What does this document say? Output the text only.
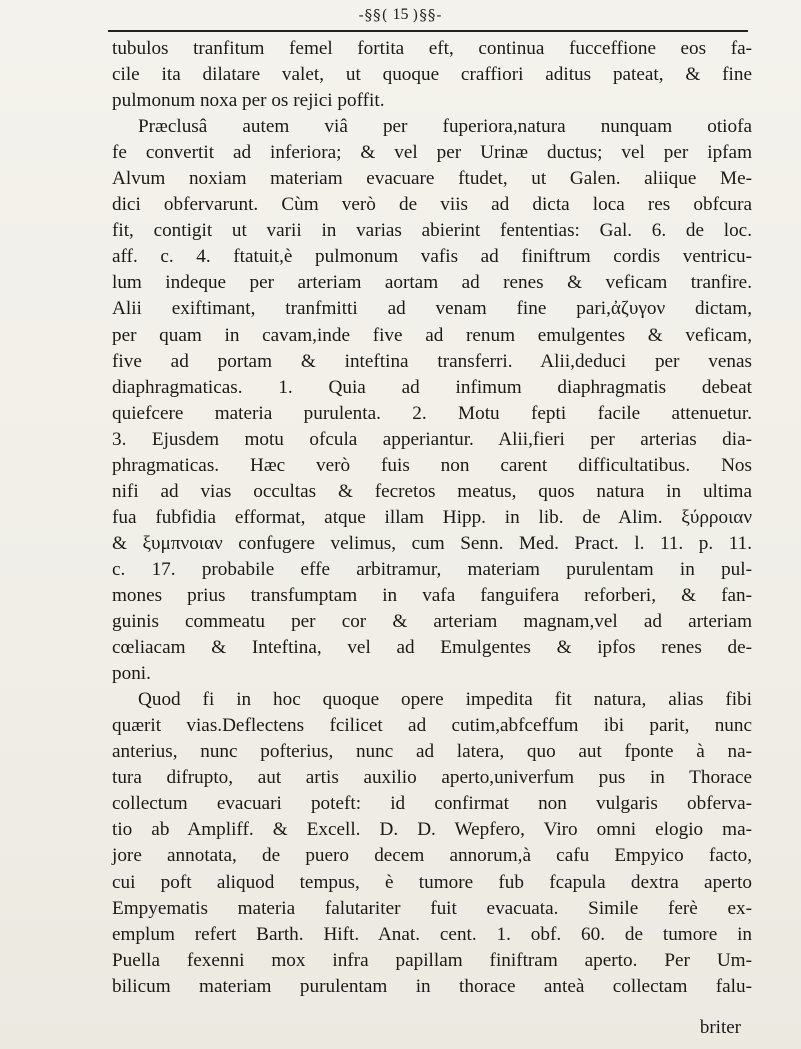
-§§( 15 )§§-
tubulos tranfitum femel fortita eft, continua fucceffione eos fa-
cile ita dilatare valet, ut quoque craffiori aditus pateat, & fine
pulmonum noxa per os rejici poffit.
Præclusâ autem viâ per fuperiora,natura nunquam otiofa
fe convertit ad inferiora; & vel per Urinæ ductus; vel per ipfam
Alvum noxiam materiam evacuare ftudet, ut Galen. aliique Me-
dici obfervarunt. Cùm verò de viis ad dicta loca res obfcura
fit, contigit ut varii in varias abierint fententias: Gal. 6. de loc.
aff. c. 4. ftatuit,è pulmonum vafis ad finiftrum cordis ventricu-
lum indeque per arteriam aortam ad renes & veficam tranfire.
Alii exiftimant, tranfmitti ad venam fine pari,ἀζυγον dictam,
per quam in cavam,inde five ad renum emulgentes & veficam,
five ad portam & inteftina transferri. Alii,deduci per venas
diaphragmaticas. 1. Quia ad infimum diaphragmatis debeat
quiefcere materia purulenta. 2. Motu fepti facile attenuetur.
3. Ejusdem motu ofcula apperiantur. Alii,fieri per arterias dia-
phragmaticas. Hæc verò fuis non carent difficultatibus. Nos
nifi ad vias occultas & fecretos meatus, quos natura in ultima
fua fubfidia efformat, atque illam Hipp. in lib. de Alim. ξύρροιαν
& ξυμπνοιαν confugere velimus, cum Senn. Med. Pract. l. 11. p. 11.
c. 17. probabile effe arbitramur, materiam purulentam in pul-
mones prius transfumptam in vafa fanguifera reforberi, & fan-
guinis commeatu per cor & arteriam magnam,vel ad arteriam
cœliacam & Inteftina, vel ad Emulgentes & ipfos renes de-
poni.
Quod fi in hoc quoque opere impedita fit natura, alias fibi
quærit vias.Deflectens fcilicet ad cutim,abfceffum ibi parit, nunc
anterius, nunc pofterius, nunc ad latera, quo aut fponte à na-
tura difrupto, aut artis auxilio aperto,univerfum pus in Thorace
collectum evacuari poteft: id confirmat non vulgaris obferva-
tio ab Ampliff. & Excell. D. D. Wepfero, Viro omni elogio ma-
jore annotata, de puero decem annorum,à cafu Empyico facto,
cui poft aliquod tempus, è tumore fub fcapula dextra aperto
Empyematis materia falutariter fuit evacuata. Simile ferè ex-
emplum refert Barth. Hift. Anat. cent. 1. obf. 60. de tumore in
Puella fexenni mox infra papillam finiftram aperto. Per Um-
bilicum materiam purulentam in thorace anteà collectam falu-
briter
